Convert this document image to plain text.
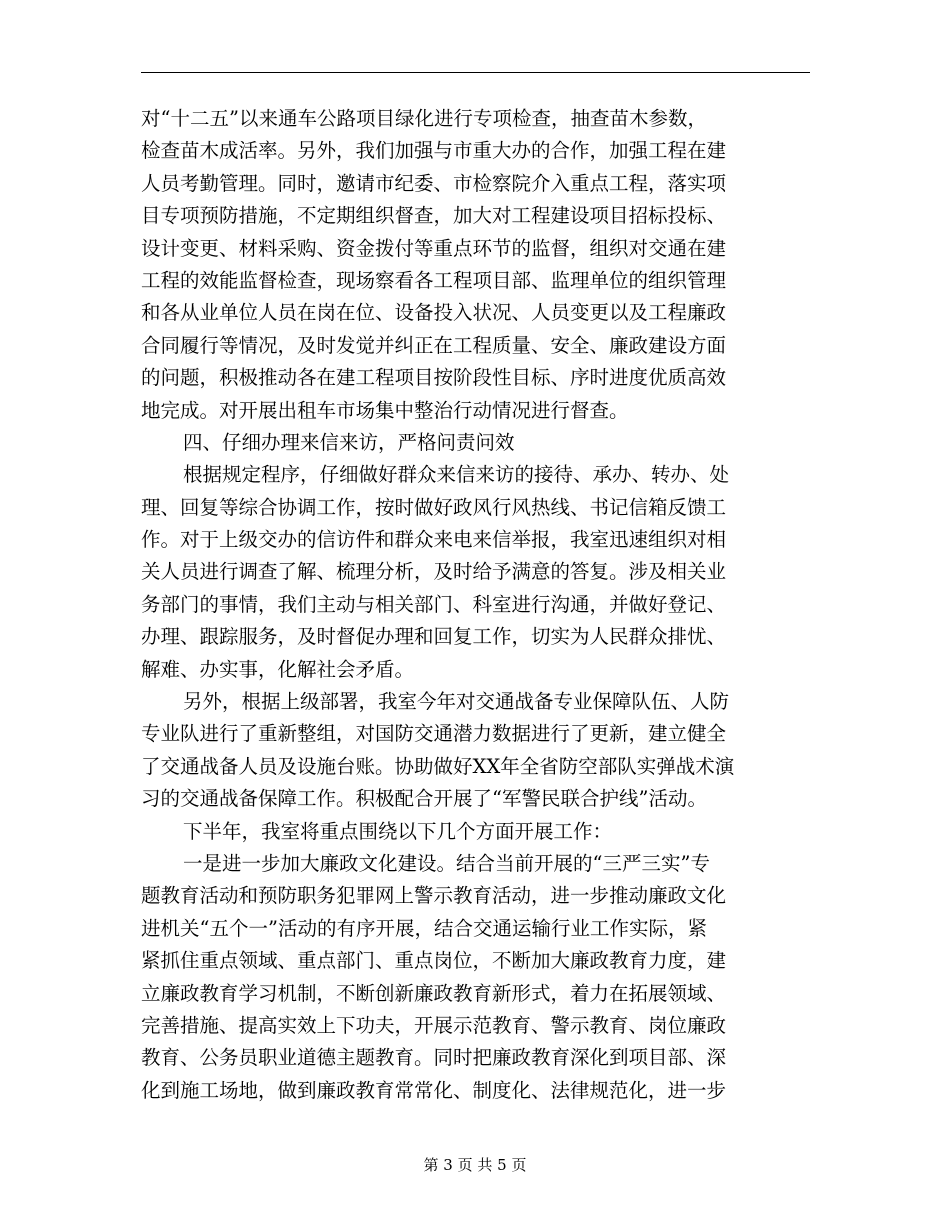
对“十二五”以来通车公路项目绿化进行专项检查，抽查苗木参数，
检查苗木成活率。另外，我们加强与市重大办的合作，加强工程在建
人员考勤管理。同时，邀请市纪委、市检察院介入重点工程，落实项
目专项预防措施，不定期组织督查，加大对工程建设项目招标投标、
设计变更、材料采购、资金拨付等重点环节的监督，组织对交通在建
工程的效能监督检查，现场察看各工程项目部、监理单位的组织管理
和各从业单位人员在岗在位、设备投入状况、人员变更以及工程廉政
合同履行等情况，及时发觉并纠正在工程质量、安全、廉政建设方面
的问题，积极推动各在建工程项目按阶段性目标、序时进度优质高效
地完成。对开展出租车市场集中整治行动情况进行督查。
四、仔细办理来信来访，严格问责问效
根据规定程序，仔细做好群众来信来访的接待、承办、转办、处
理、回复等综合协调工作，按时做好政风行风热线、书记信箱反馈工
作。对于上级交办的信访件和群众来电来信举报，我室迅速组织对相
关人员进行调查了解、梳理分析，及时给予满意的答复。涉及相关业
务部门的事情，我们主动与相关部门、科室进行沟通，并做好登记、
办理、跟踪服务，及时督促办理和回复工作，切实为人民群众排忧、
解难、办实事，化解社会矛盾。
另外，根据上级部署，我室今年对交通战备专业保障队伍、人防
专业队进行了重新整组，对国防交通潜力数据进行了更新，建立健全
了交通战备人员及设施台账。协助做好XX年全省防空部队实弹战术演
习的交通战备保障工作。积极配合开展了“军警民联合护线”活动。
下半年，我室将重点围绕以下几个方面开展工作：
一是进一步加大廉政文化建设。结合当前开展的“三严三实”专
题教育活动和预防职务犯罪网上警示教育活动，进一步推动廉政文化
进机关“五个一”活动的有序开展，结合交通运输行业工作实际，紧
紧抓住重点领域、重点部门、重点岗位，不断加大廉政教育力度，建
立廉政教育学习机制，不断创新廉政教育新形式，着力在拓展领域、
完善措施、提高实效上下功夫，开展示范教育、警示教育、岗位廉政
教育、公务员职业道德主题教育。同时把廉政教育深化到项目部、深
化到施工场地，做到廉政教育常常化、制度化、法律规范化，进一步
第 3 页 共 5 页
